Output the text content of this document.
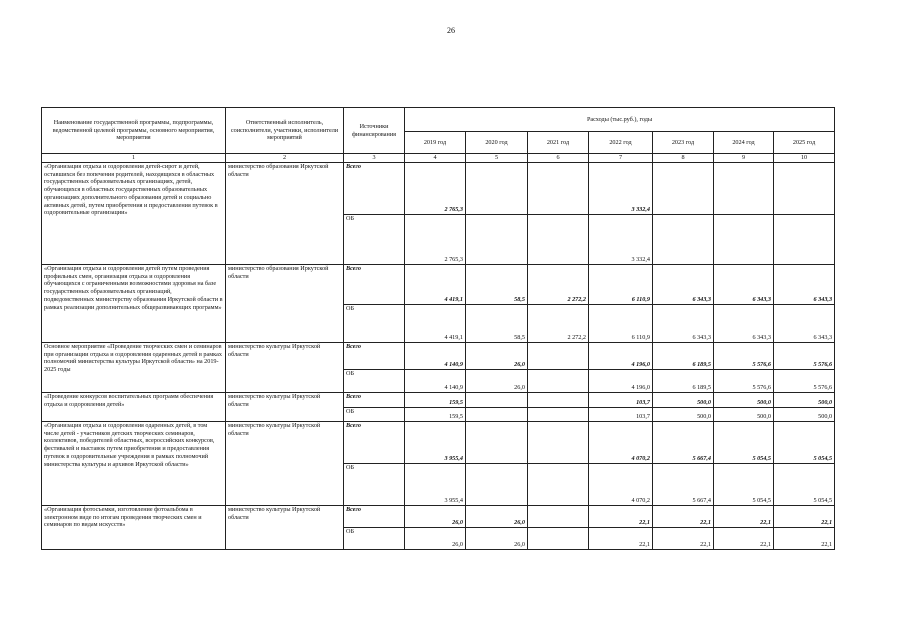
26
Наименование государственной программы, подпрограммы, ведомственной целевой программы, основного мероприятия, мероприятия	Ответственный исполнитель, соисполнители, участники, исполнители мероприятий	Источники финансирования	Расходы (тыс.руб.), годы						
			2019 год	2020 год	2021 год	2022 год	2023 год	2024 год	2025 год
1	2	3	4	5	6	7	8	9	10
«Организация отдыха и оздоровления детей-сирот и детей, оставшихся без попечения родителей, находящихся в областных государственных образовательных организациях, детей, обучающихся в областных государственных образовательных организациях дополнительного образования детей и социально активных детей, путем приобретения и предоставления путевок в оздоровительные организации»	министерство образования Иркутской области	Всего	2 765,3			3 332,4			
		ОБ	2 765,3			3 332,4			
«Организация отдыха и оздоровления детей путем проведения профильных смен, организация отдыха и оздоровления обучающихся с ограниченными возможностями здоровья на базе государственных образовательных организаций, подведомственных министерству образования Иркутской области в рамках реализации дополнительных общеразвивающих программ»	министерство образования Иркутской области	Всего	4 419,1	58,5	2 272,2	6 110,9	6 343,3	6 343,3	6 343,3
		ОБ	4 419,1	58,5	2 272,2	6 110,9	6 343,3	6 343,3	6 343,3
Основное мероприятие «Проведение творческих смен и семинаров при организации отдыха и оздоровления одаренных детей в рамках полномочий министерства культуры Иркутской области» на 2019-2025 годы	министерство культуры Иркутской области	Всего	4 140,9	26,0		4 196,0	6 189,5	5 576,6	5 576,6
		ОБ	4 140,9	26,0		4 196,0	6 189,5	5 576,6	5 576,6
«Проведение конкурсов воспитательных программ обеспечения отдыха и оздоровления детей»	министерство культуры Иркутской области	Всего	159,5			103,7	500,0	500,0	500,0
		ОБ	159,5			103,7	500,0	500,0	500,0
«Организация отдыха и оздоровления одаренных детей, в том числе детей - участников детских творческих семинаров, коллективов, победителей областных, всероссийских конкурсов, фестивалей и выставок путем приобретения и предоставления путевок в оздоровительные учреждения в рамках полномочий министерства культуры и архивов Иркутской области»	министерство культуры Иркутской области	Всего	3 955,4			4 070,2	5 667,4	5 054,5	5 054,5
		ОБ	3 955,4			4 070,2	5 667,4	5 054,5	5 054,5
«Организация фотосъемки, изготовление фотоальбома в электронном виде по итогам проведения творческих смен и семинаров по видам искусств»	министерство культуры Иркутской области	Всего	26,0	26,0		22,1	22,1	22,1	22,1
		ОБ	26,0	26,0		22,1	22,1	22,1	22,1
